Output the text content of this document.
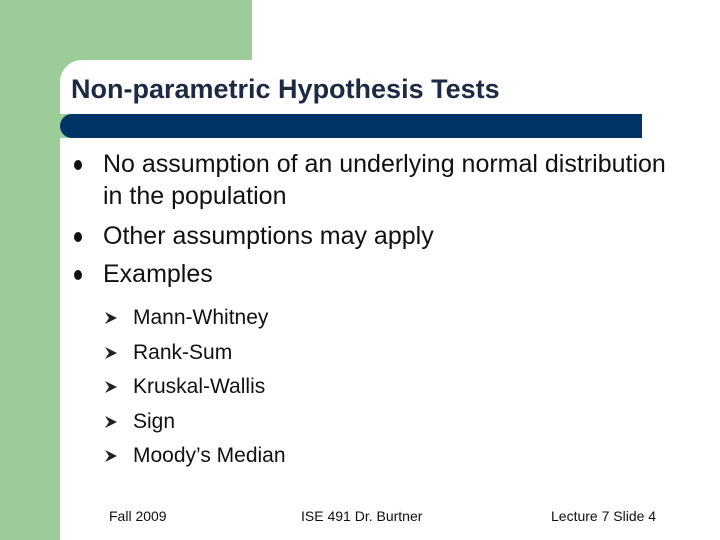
Non-parametric Hypothesis Tests
No assumption of an underlying normal distribution in the population
Other assumptions may apply
Examples
Mann-Whitney
Rank-Sum
Kruskal-Wallis
Sign
Moody’s Median
Fall 2009	ISE 491 Dr. Burtner	Lecture 7 Slide 4
